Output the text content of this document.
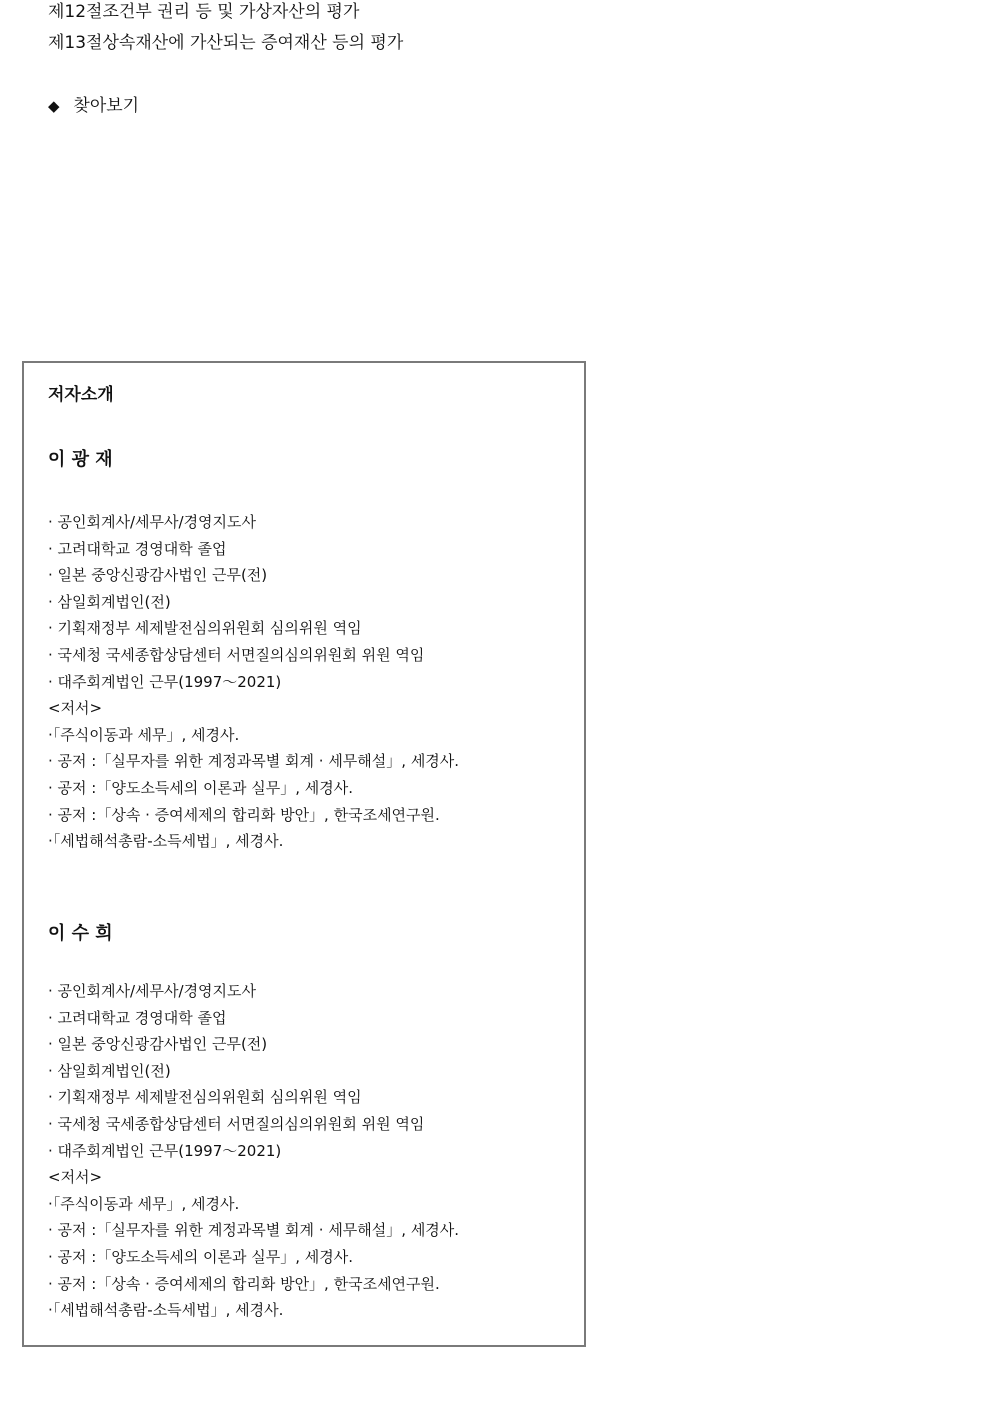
제12절조건부 권리 등 및 가상자산의 평가
제13절상속재산에 가산되는 증여재산 등의 평가
◆ 찾아보기
저자소개
이 광 재
· 공인회계사/세무사/경영지도사
· 고려대학교 경영대학 졸업
· 일본 중앙신광감사법인 근무(전)
· 삼일회계법인(전)
· 기획재정부 세제발전심의위원회 심의위원 역임
· 국세청 국세종합상담센터 서면질의심의위원회 위원 역임
· 대주회계법인 근무(1997～2021)
<저서>
·「주식이동과 세무」, 세경사.
· 공저 :「실무자를 위한 계정과목별 회계 · 세무해설」, 세경사.
· 공저 :「양도소득세의 이론과 실무」, 세경사.
· 공저 :「상속 · 증여세제의 합리화 방안」, 한국조세연구원.
·「세법해석총람-소득세법」, 세경사.
이 수 희
· 공인회계사/세무사/경영지도사
· 고려대학교 경영대학 졸업
· 일본 중앙신광감사법인 근무(전)
· 삼일회계법인(전)
· 기획재정부 세제발전심의위원회 심의위원 역임
· 국세청 국세종합상담센터 서면질의심의위원회 위원 역임
· 대주회계법인 근무(1997～2021)
<저서>
·「주식이동과 세무」, 세경사.
· 공저 :「실무자를 위한 계정과목별 회계 · 세무해설」, 세경사.
· 공저 :「양도소득세의 이론과 실무」, 세경사.
· 공저 :「상속 · 증여세제의 합리화 방안」, 한국조세연구원.
·「세법해석총람-소득세법」, 세경사.
